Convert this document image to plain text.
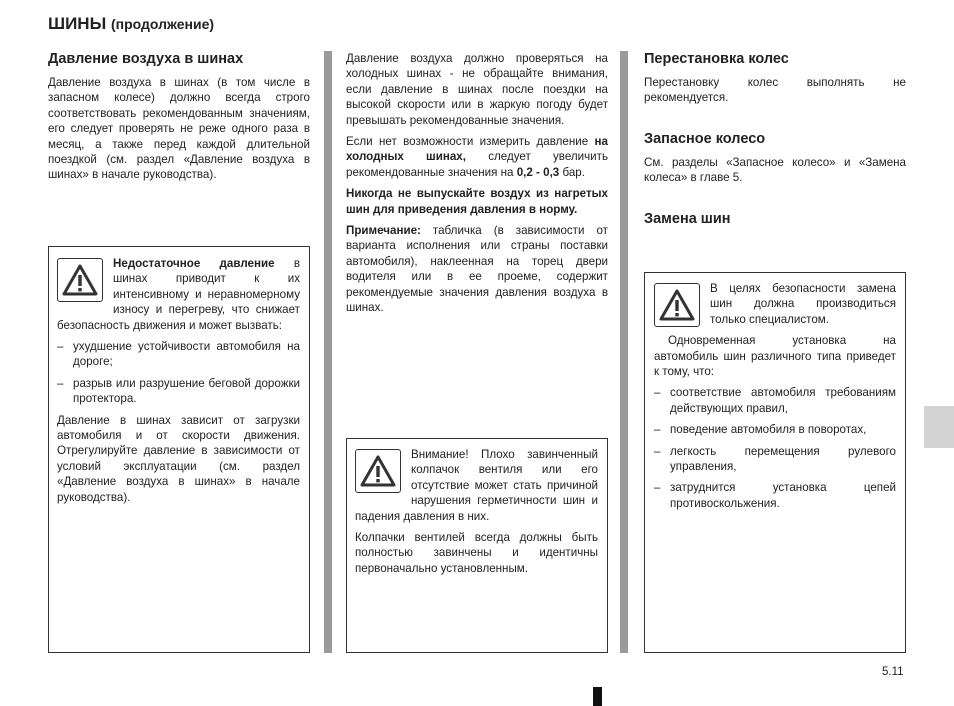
ШИНЫ (продолжение)
Давление воздуха в шинах
Давление воздуха в шинах (в том числе в запасном колесе) должно всегда строго соответствовать рекомендованным значениям, его следует проверять не реже одного раза в месяц, а также перед каждой длительной поездкой (см. раздел «Давление воздуха в шинах» в начале руководства).

Недостаточное давление в шинах приводит к их интенсивному и неравномерному износу и перегреву, что снижает безопасность движения и может вызвать:

– ухудшение устойчивости автомобиля на дороге;
– разрыв или разрушение беговой дорожки протектора.

Давление в шинах зависит от загрузки автомобиля и от скорости движения. Отрегулируйте давление в зависимости от условий эксплуатации (см. раздел «Давление воздуха в шинах» в начале руководства).

Давление воздуха должно проверяться на холодных шинах - не обращайте внимания, если давление в шинах после поездки на высокой скорости или в жаркую погоду будет превышать рекомендованные значения.

Если нет возможности измерить давление на холодных шинах, следует увеличить рекомендованные значения на 0,2 - 0,3 бар.

Никогда не выпускайте воздух из нагретых шин для приведения давления в норму.

Примечание: табличка (в зависимости от варианта исполнения или страны поставки автомобиля), наклеенная на торец двери водителя или в ее проеме, содержит рекомендуемые значения давления воздуха в шинах.

Внимание! Плохо завинченный колпачок вентиля или его отсутствие может стать причиной нарушения герметичности шин и падения давления в них.

Колпачки вентилей всегда должны быть полностью завинчены и идентичны первоначально установленным.

Перестановка колес
Перестановку колес выполнять не рекомендуется.
Запасное колесо
См. разделы «Запасное колесо» и «Замена колеса» в главе 5.
Замена шин

В целях безопасности замена шин должна производиться только специалистом.

Одновременная установка на автомобиль шин различного типа приведет к тому, что:

– соответствие автомобиля требованиям действующих правил,
– поведение автомобиля в поворотах,
– легкость перемещения рулевого управления,
– затруднится установка цепей противоскольжения.
5.11
